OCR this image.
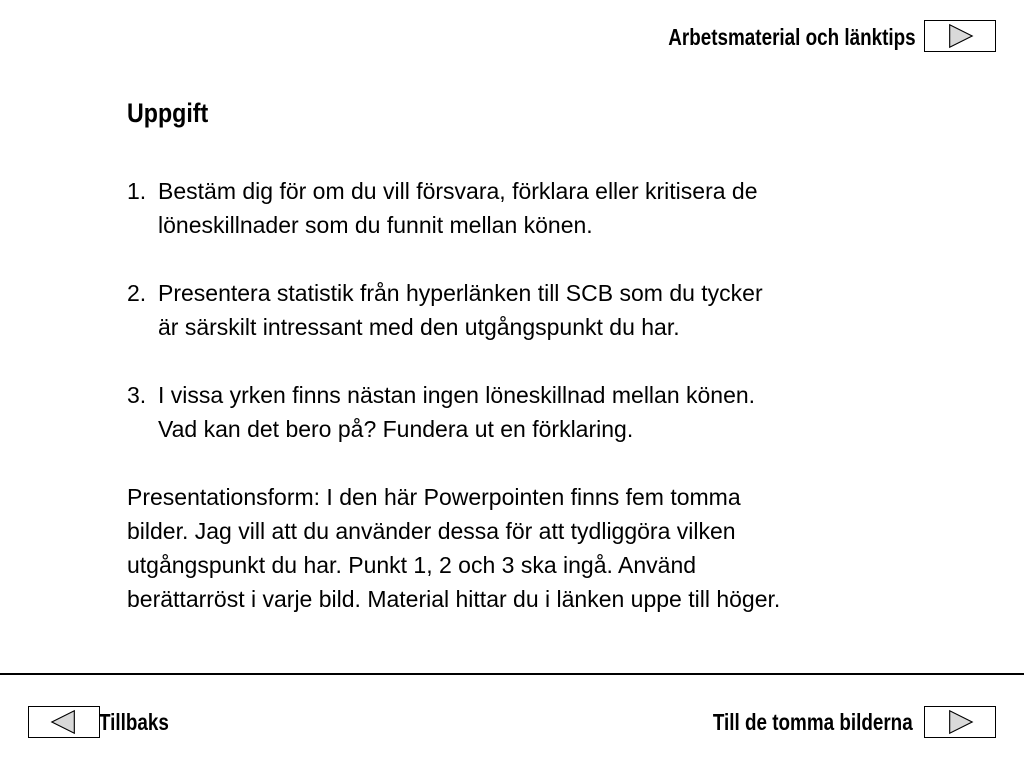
Arbetsmaterial och länktips
Uppgift
1. Bestäm dig för om du vill försvara, förklara eller kritisera de
löneskillnader som du funnit mellan könen.
2. Presentera statistik från hyperlänken till SCB som du tycker
är särskilt intressant med den utgångspunkt du har.
3. I vissa yrken finns nästan ingen löneskillnad mellan könen.
Vad kan det bero på? Fundera ut en förklaring.
Presentationsform: I den här Powerpointen finns fem tomma
bilder. Jag vill att du använder dessa för att tydliggöra vilken
utgångspunkt du har. Punkt 1, 2 och 3 ska ingå. Använd
berättarröst i varje bild. Material hittar du i länken uppe till höger.
Tillbaks	Till de tomma bilderna
